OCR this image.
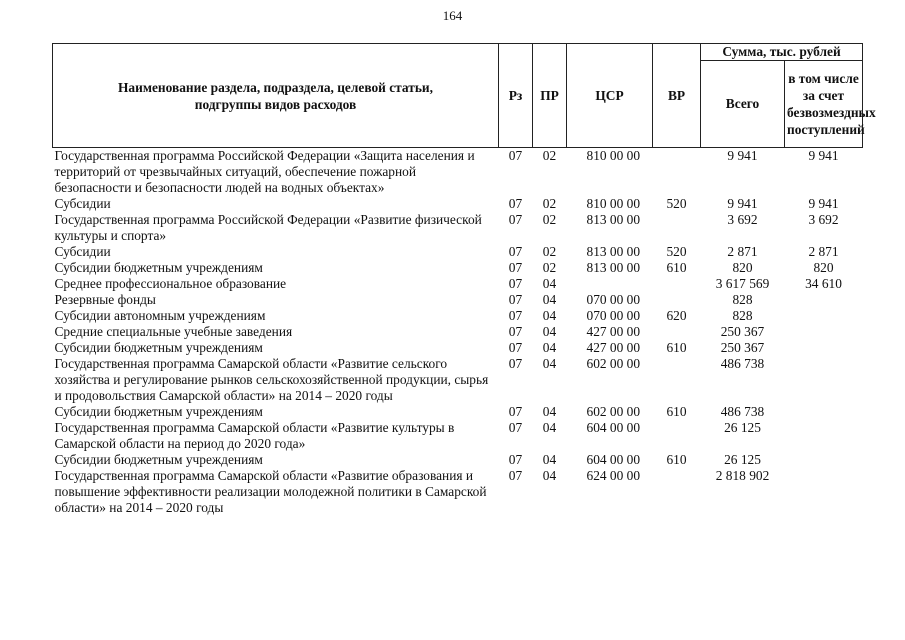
164
Наименование раздела, подраздела, целевой статьи, подгруппы видов расходов	Рз	ПР	ЦСР	ВР	Сумма, тыс. рублей	
					Всего	в том числе за счет безвозмездных поступлений
Государственная программа Российской Федерации «Защита населения и территорий от чрезвычайных ситуаций, обеспечение пожарной безопасности и безопасности людей на водных объектах»	07	02	810 00 00		9 941	9 941
Субсидии	07	02	810 00 00	520	9 941	9 941
Государственная программа Российской Федерации «Развитие физической культуры и спорта»	07	02	813 00 00		3 692	3 692
Субсидии	07	02	813 00 00	520	2 871	2 871
Субсидии бюджетным учреждениям	07	02	813 00 00	610	820	820
Среднее профессиональное образование	07	04			3 617 569	34 610
Резервные фонды	07	04	070 00 00		828	
Субсидии автономным учреждениям	07	04	070 00 00	620	828	
Средние специальные учебные заведения	07	04	427 00 00		250 367	
Субсидии бюджетным учреждениям	07	04	427 00 00	610	250 367	
Государственная программа Самарской области «Развитие сельского хозяйства и регулирование рынков сельскохозяйственной продукции, сырья и продовольствия Самарской области» на 2014 – 2020 годы	07	04	602 00 00		486 738	
Субсидии бюджетным учреждениям	07	04	602 00 00	610	486 738	
Государственная программа Самарской области «Развитие культуры в Самарской области на период до 2020 года»	07	04	604 00 00		26 125	
Субсидии бюджетным учреждениям	07	04	604 00 00	610	26 125	
Государственная программа Самарской области «Развитие образования и повышение эффективности реализации молодежной политики в Самарской области» на 2014 – 2020 годы	07	04	624 00 00		2 818 902	
